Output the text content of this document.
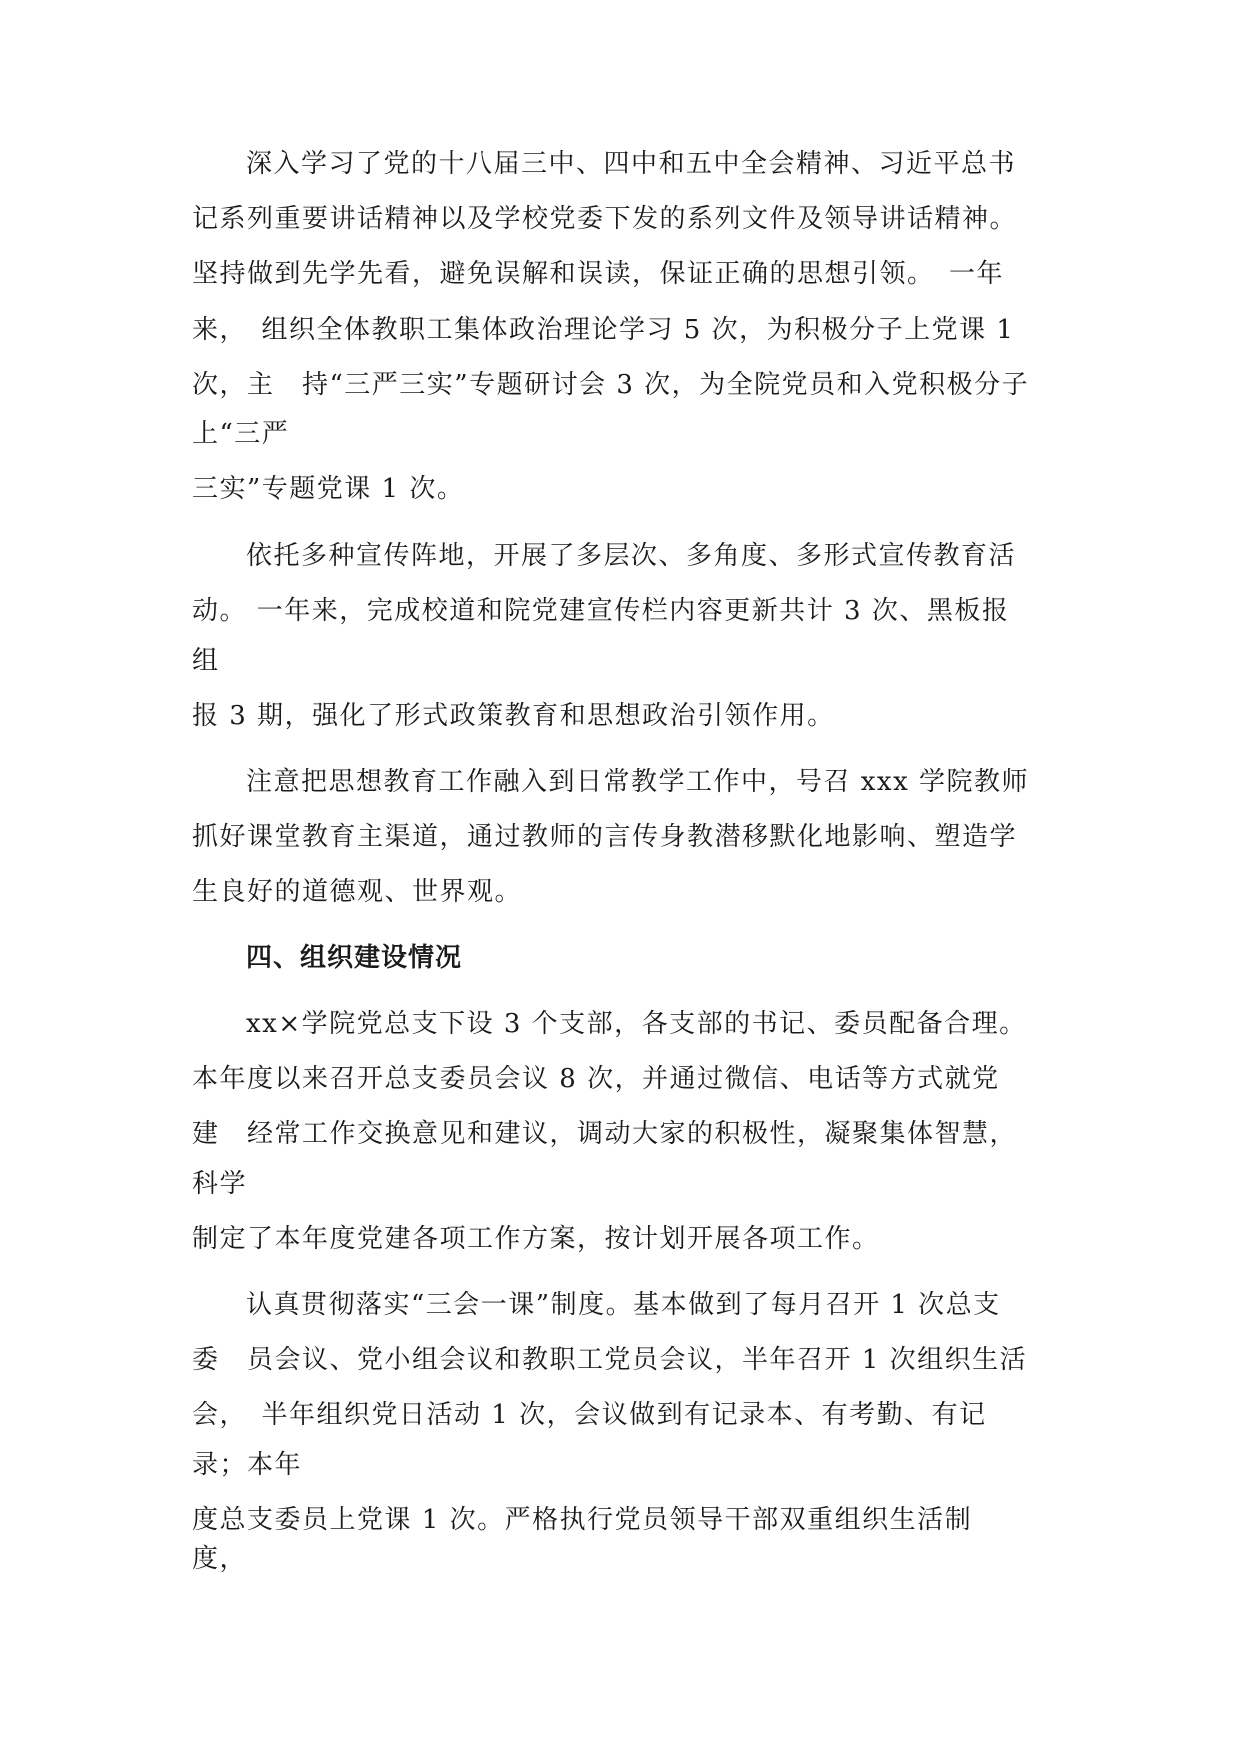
深入学习了党的十八届三中、四中和五中全会精神、习近平总书
记系列重要讲话精神以及学校党委下发的系列文件及领导讲话精神。
坚持做到先学先看，避免误解和误读，保证正确的思想引领。　一年
来，　组织全体教职工集体政治理论学习 5 次，为积极分子上党课 1
次，主　持“三严三实”专题研讨会 3 次，为全院党员和入党积极分子
上“三严
三实”专题党课 1 次。
依托多种宣传阵地，开展了多层次、多角度、多形式宣传教育活
动。 一年来，完成校道和院党建宣传栏内容更新共计 3 次、黑板报
组
报 3 期，强化了形式政策教育和思想政治引领作用。
注意把思想教育工作融入到日常教学工作中，号召 xxx 学院教师
抓好课堂教育主渠道，通过教师的言传身教潜移默化地影响、塑造学
生良好的道德观、世界观。
四、组织建设情况
xx×学院党总支下设 3 个支部，各支部的书记、委员配备合理。
本年度以来召开总支委员会议 8 次，并通过微信、电话等方式就党
建　经常工作交换意见和建议，调动大家的积极性，凝聚集体智慧，
科学
制定了本年度党建各项工作方案，按计划开展各项工作。
认真贯彻落实“三会一课”制度。基本做到了每月召开 1 次总支
委　员会议、党小组会议和教职工党员会议，半年召开 1 次组织生活
会，　半年组织党日活动 1 次，会议做到有记录本、有考勤、有记
录；本年
度总支委员上党课 1 次。严格执行党员领导干部双重组织生活制
度，
